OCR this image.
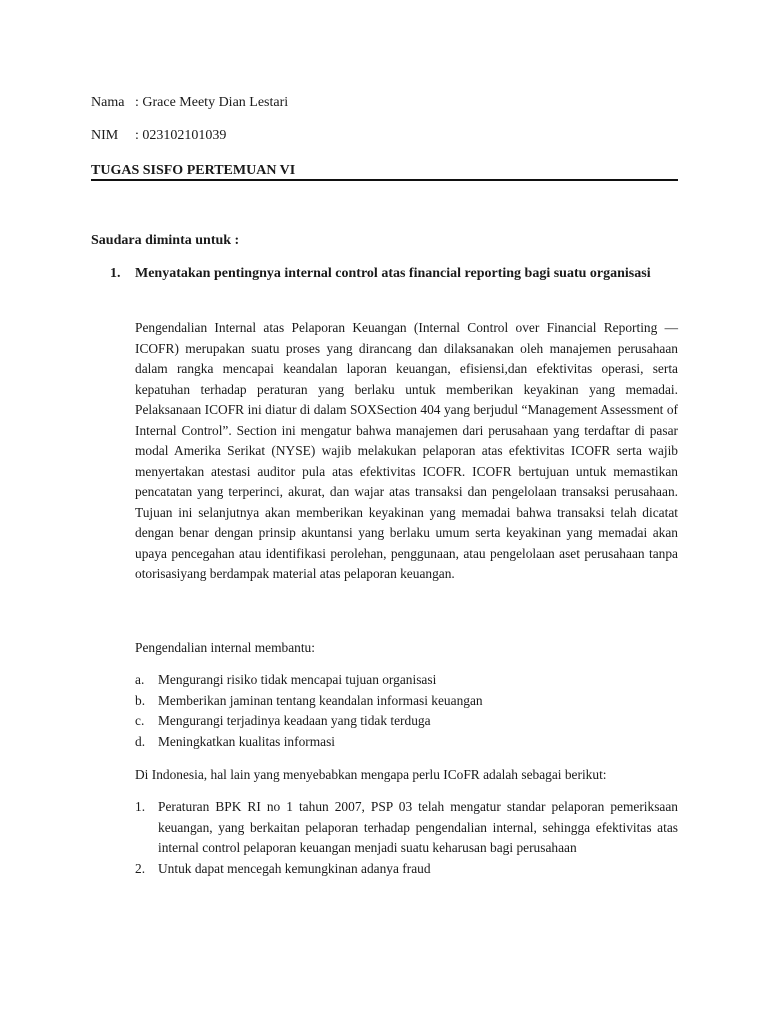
Nama : Grace Meety Dian Lestari
NIM : 023102101039
TUGAS SISFO PERTEMUAN VI
Saudara diminta untuk :
1.	Menyatakan pentingnya internal control atas financial reporting bagi suatu organisasi

Pengendalian Internal atas Pelaporan Keuangan (Internal Control over Financial Reporting — ICOFR) merupakan suatu proses yang dirancang dan dilaksanakan oleh manajemen perusahaan dalam rangka mencapai keandalan laporan keuangan, efisiensi,dan efektivitas operasi, serta kepatuhan terhadap peraturan yang berlaku untuk memberikan keyakinan yang memadai. Pelaksanaan ICOFR ini diatur di dalam SOXSection 404 yang berjudul “Management Assessment of Internal Control”. Section ini mengatur bahwa manajemen dari perusahaan yang terdaftar di pasar modal Amerika Serikat (NYSE) wajib melakukan pelaporan atas efektivitas ICOFR serta wajib menyertakan atestasi auditor pula atas efektivitas ICOFR. ICOFR bertujuan untuk memastikan pencatatan yang terperinci, akurat, dan wajar atas transaksi dan pengelolaan transaksi perusahaan. Tujuan ini selanjutnya akan memberikan keyakinan yang memadai bahwa transaksi telah dicatat dengan benar dengan prinsip akuntansi yang berlaku umum serta keyakinan yang memadai akan upaya pencegahan atau identifikasi perolehan, penggunaan, atau pengelolaan aset perusahaan tanpa otorisasiyang berdampak material atas pelaporan keuangan.

Pengendalian internal membantu:

a.	Mengurangi risiko tidak mencapai tujuan organisasi
b. Memberikan jaminan tentang keandalan informasi keuangan
c.	Mengurangi terjadinya keadaan yang tidak terduga
d. Meningkatkan kualitas informasi

Di Indonesia, hal lain yang menyebabkan mengapa perlu ICoFR adalah sebagai berikut:

1. Peraturan BPK RI no 1 tahun 2007, PSP 03 telah mengatur standar pelaporan pemeriksaan keuangan, yang berkaitan pelaporan terhadap pengendalian internal, sehingga efektivitas atas internal control pelaporan keuangan menjadi suatu keharusan bagi perusahaan
2. Untuk dapat mencegah kemungkinan adanya fraud
